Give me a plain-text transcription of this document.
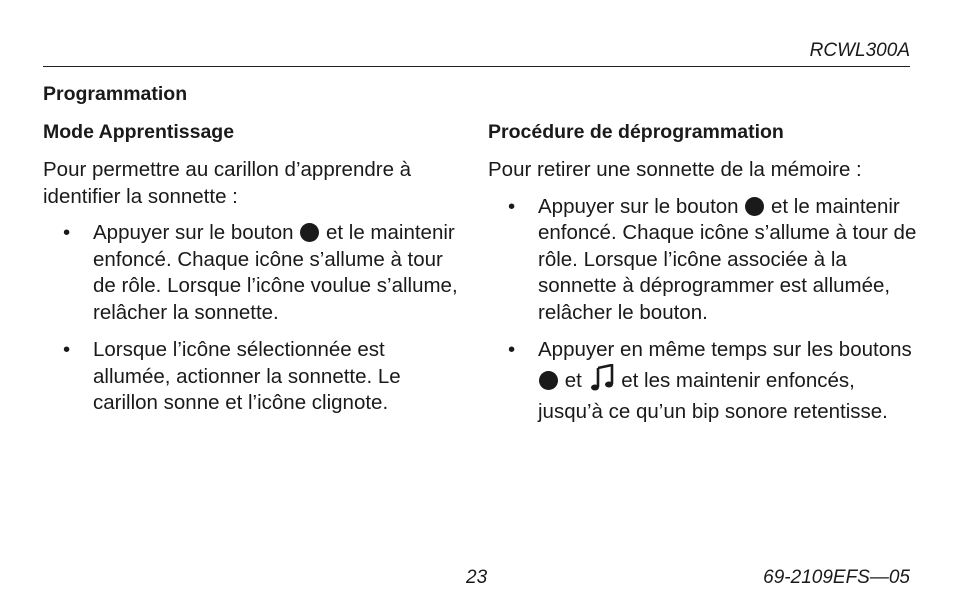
RCWL300A
Programmation
Mode Apprentissage

Pour permettre au carillon d’apprendre à identifier la sonnette :

• Appuyer sur le bouton et le maintenir enfoncé. Chaque icône s’allume à tour de rôle. Lorsque l’icône voulue s’allume, relâcher la sonnette.
• Lorsque l’icône sélectionnée est allumée, actionner la sonnette. Le carillon sonne et l’icône clignote.
Procédure de déprogrammation

Pour retirer une sonnette de la mémoire :

• Appuyer sur le bouton et le maintenir enfoncé. Chaque icône s’allume à tour de rôle. Lorsque l’icône associée à la sonnette à déprogrammer est allumée, relâcher le bouton.
• Appuyer en même temps sur les boutons  et et les maintenir enfoncés, jusqu’à ce qu’un bip sonore retentisse.
23	69-2109EFS—05
